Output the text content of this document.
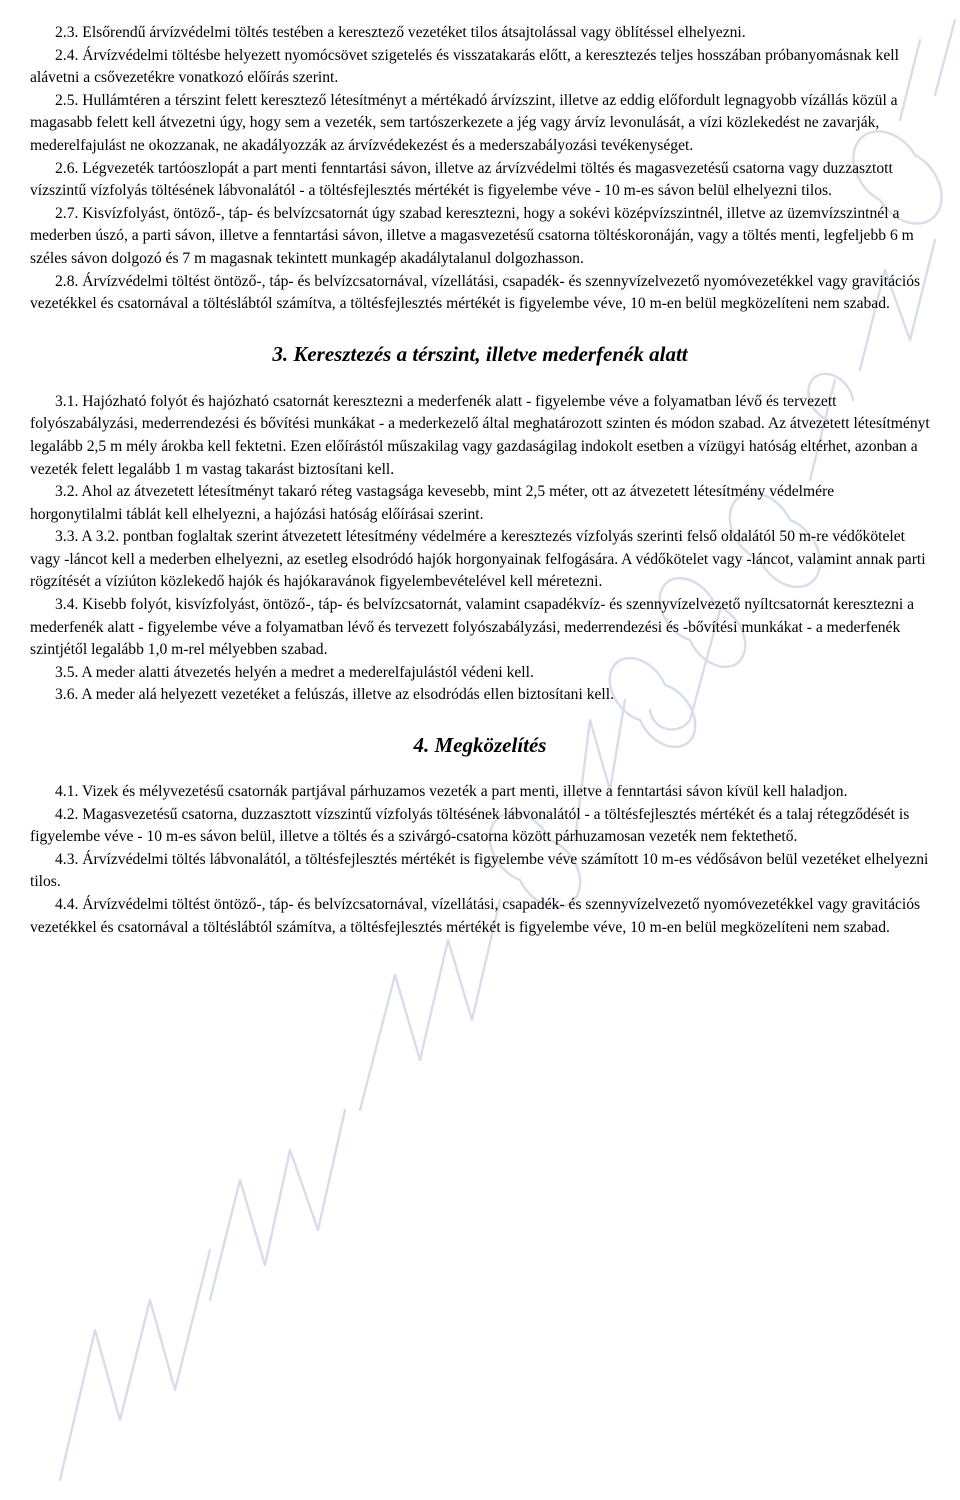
2.3. Elsőrendű árvízvédelmi töltés testében a keresztező vezetéket tilos átsajtolással vagy öblítéssel elhelyezni.

2.4. Árvízvédelmi töltésbe helyezett nyomócsövet szigetelés és visszatakarás előtt, a keresztezés teljes hosszában próbanyomásnak kell alávetni a csővezetékre vonatkozó előírás szerint.

2.5. Hullámtéren a térszint felett keresztező létesítményt a mértékadó árvízszint, illetve az eddig előfordult legnagyobb vízállás közül a magasabb felett kell átvezetni úgy, hogy sem a vezeték, sem tartószerkezete a jég vagy árvíz levonulását, a vízi közlekedést ne zavarják, mederelfajulást ne okozzanak, ne akadályozzák az árvízvédekezést és a mederszabályozási tevékenységet.

2.6. Légvezeték tartóoszlopát a part menti fenntartási sávon, illetve az árvízvédelmi töltés és magasvezetésű csatorna vagy duzzasztott vízszintű vízfolyás töltésének lábvonalától - a töltésfejlesztés mértékét is figyelembe véve - 10 m-es sávon belül elhelyezni tilos.

2.7. Kisvízfolyást, öntöző-, táp- és belvízcsatornát úgy szabad keresztezni, hogy a sokévi középvízszintnél, illetve az üzemvízszintnél a mederben úszó, a parti sávon, illetve a fenntartási sávon, illetve a magasvezetésű csatorna töltéskoronáján, vagy a töltés menti, legfeljebb 6 m széles sávon dolgozó és 7 m magasnak tekintett munkagép akadálytalanul dolgozhasson.

2.8. Árvízvédelmi töltést öntöző-, táp- és belvízcsatornával, vízellátási, csapadék- és szennyvízelvezető nyomóvezetékkel vagy gravitációs vezetékkel és csatornával a töltéslábtól számítva, a töltésfejlesztés mértékét is figyelembe véve, 10 m-en belül megközelíteni nem szabad.

3. Keresztezés a térszint, illetve mederfenék alatt

3.1. Hajózható folyót és hajózható csatornát keresztezni a mederfenék alatt - figyelembe véve a folyamatban lévő és tervezett folyószabályzási, mederrendezési és bővítési munkákat - a mederkezelő által meghatározott szinten és módon szabad. Az átvezetett létesítményt legalább 2,5 m mély árokba kell fektetni. Ezen előírástól műszakilag vagy gazdaságilag indokolt esetben a vízügyi hatóság eltérhet, azonban a vezeték felett legalább 1 m vastag takarást biztosítani kell.

3.2. Ahol az átvezetett létesítményt takaró réteg vastagsága kevesebb, mint 2,5 méter, ott az átvezetett létesítmény védelmére horgonytilalmi táblát kell elhelyezni, a hajózási hatóság előírásai szerint.

3.3. A 3.2. pontban foglaltak szerint átvezetett létesítmény védelmére a keresztezés vízfolyás szerinti felső oldalától 50 m-re védőkötelet vagy -láncot kell a mederben elhelyezni, az esetleg elsodródó hajók horgonyainak felfogására. A védőkötelet vagy -láncot, valamint annak parti rögzítését a víziúton közlekedő hajók és hajókaravánok figyelembevételével kell méretezni.

3.4. Kisebb folyót, kisvízfolyást, öntöző-, táp- és belvízcsatornát, valamint csapadékvíz- és szennyvízelvezető nyíltcsatornát keresztezni a mederfenék alatt - figyelembe véve a folyamatban lévő és tervezett folyószabályzási, mederrendezési és -bővítési munkákat - a mederfenék szintjétől legalább 1,0 m-rel mélyebben szabad.

3.5. A meder alatti átvezetés helyén a medret a mederelfajulástól védeni kell.

3.6. A meder alá helyezett vezetéket a felúszás, illetve az elsodródás ellen biztosítani kell.

4. Megközelítés

4.1. Vizek és mélyvezetésű csatornák partjával párhuzamos vezeték a part menti, illetve a fenntartási sávon kívül kell haladjon.

4.2. Magasvezetésű csatorna, duzzasztott vízszintű vízfolyás töltésének lábvonalától - a töltésfejlesztés mértékét és a talaj rétegződését is figyelembe véve - 10 m-es sávon belül, illetve a töltés és a szivárgó-csatorna között párhuzamosan vezeték nem fektethető.

4.3. Árvízvédelmi töltés lábvonalától, a töltésfejlesztés mértékét is figyelembe véve számított 10 m-es védősávon belül vezetéket elhelyezni tilos.

4.4. Árvízvédelmi töltést öntöző-, táp- és belvízcsatornával, vízellátási, csapadék- és szennyvízelvezető nyomóvezetékkel vagy gravitációs vezetékkel és csatornával a töltéslábtól számítva, a töltésfejlesztés mértékét is figyelembe véve, 10 m-en belül megközelíteni nem szabad.
